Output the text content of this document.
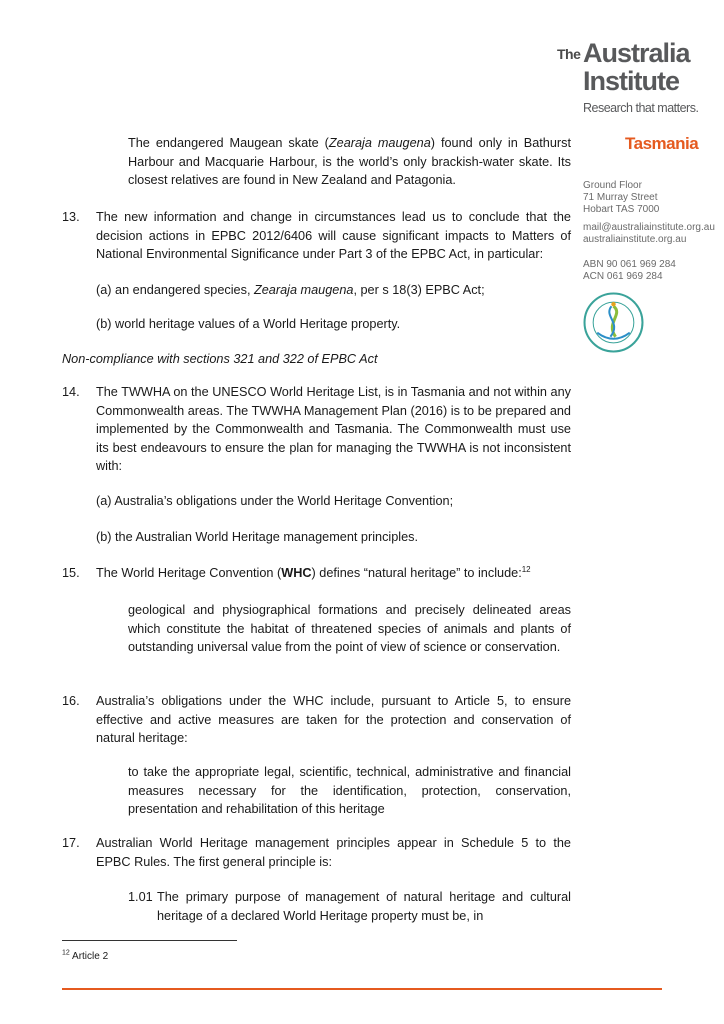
The Australia
Institute
Research that matters.
Tasmania
Ground Floor
71 Murray Street
Hobart TAS 7000
mail@australiainstitute.org.au
australiainstitute.org.au
ABN 90 061 969 284
ACN 061 969 284
The endangered Maugean skate (Zearaja maugena) found only in Bathurst Harbour and Macquarie Harbour, is the world’s only brackish-water skate. Its closest relatives are found in New Zealand and Patagonia.
13. The new information and change in circumstances lead us to conclude that the decision actions in EPBC 2012/6406 will cause significant impacts to Matters of National Environmental Significance under Part 3 of the EPBC Act, in particular:
(a) an endangered species, Zearaja maugena, per s 18(3) EPBC Act;
(b) world heritage values of a World Heritage property.
Non-compliance with sections 321 and 322 of EPBC Act
14. The TWWHA on the UNESCO World Heritage List, is in Tasmania and not within any Commonwealth areas. The TWWHA Management Plan (2016) is to be prepared and implemented by the Commonwealth and Tasmania. The Commonwealth must use its best endeavours to ensure the plan for managing the TWWHA is not inconsistent with:
(a) Australia’s obligations under the World Heritage Convention;
(b) the Australian World Heritage management principles.
15. The World Heritage Convention (WHC) defines “natural heritage” to include:$^{12}$
geological and physiographical formations and precisely delineated areas which constitute the habitat of threatened species of animals and plants of outstanding universal value from the point of view of science or conservation.
16. Australia’s obligations under the WHC include, pursuant to Article 5, to ensure effective and active measures are taken for the protection and conservation of natural heritage:
to take the appropriate legal, scientific, technical, administrative and financial measures necessary for the identification, protection, conservation, presentation and rehabilitation of this heritage
17. Australian World Heritage management principles appear in Schedule 5 to the EPBC Rules. The first general principle is:
1.01 The primary purpose of management of natural heritage and cultural heritage of a declared World Heritage property must be, in
$^{12}$ Article 2
